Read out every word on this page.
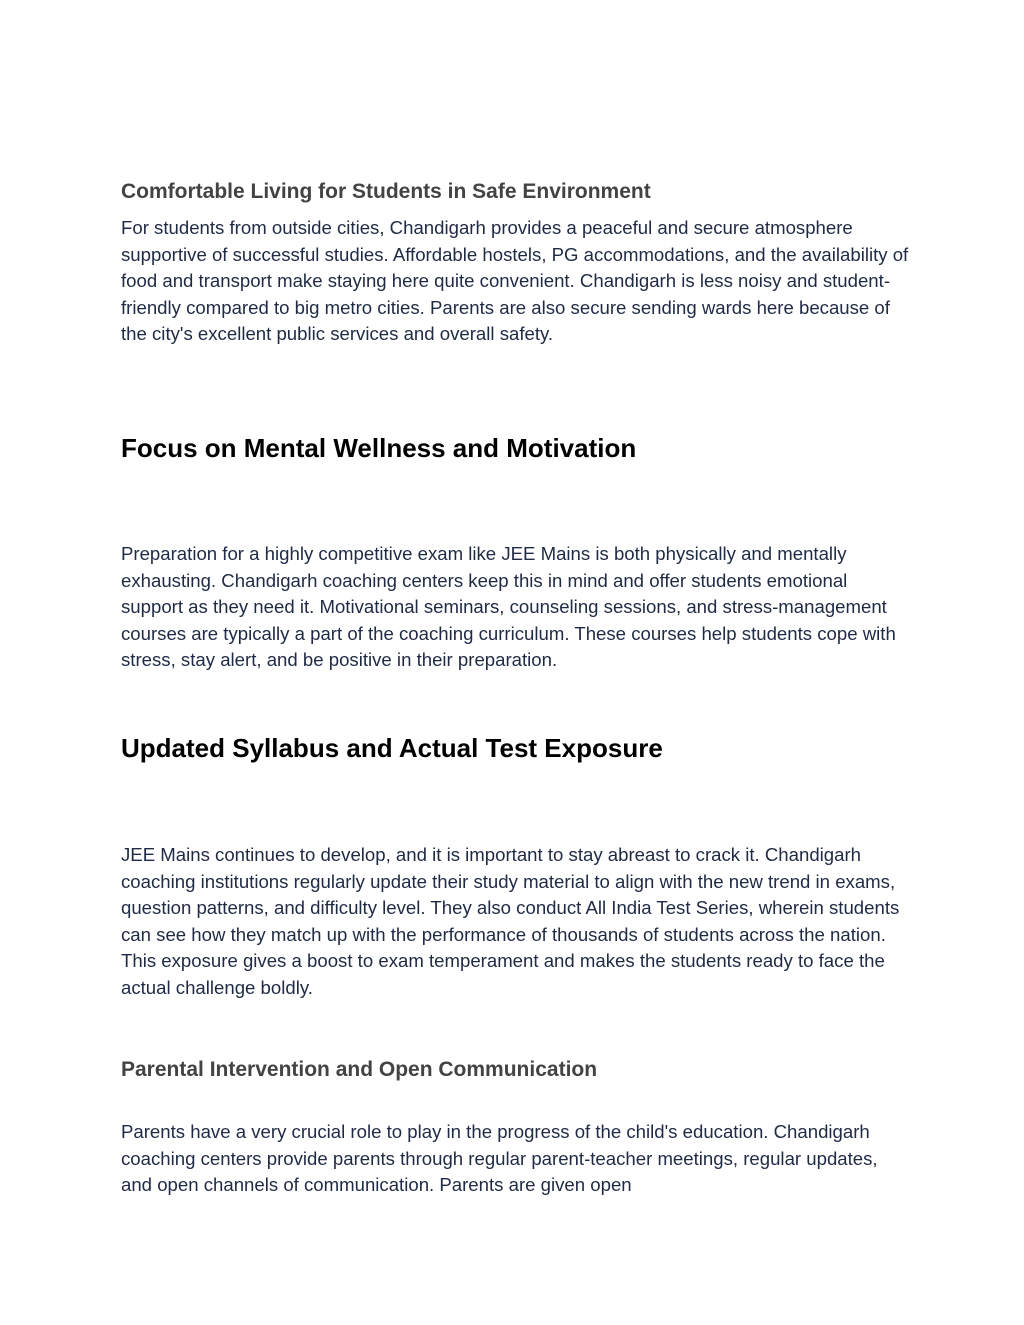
Comfortable Living for Students in Safe Environment

For students from outside cities, Chandigarh provides a peaceful and secure atmosphere supportive of successful studies. Affordable hostels, PG accommodations, and the availability of food and transport make staying here quite convenient. Chandigarh is less noisy and student-friendly compared to big metro cities. Parents are also secure sending wards here because of the city's excellent public services and overall safety.

Focus on Mental Wellness and Motivation

Preparation for a highly competitive exam like JEE Mains is both physically and mentally exhausting. Chandigarh coaching centers keep this in mind and offer students emotional support as they need it. Motivational seminars, counseling sessions, and stress-management courses are typically a part of the coaching curriculum. These courses help students cope with stress, stay alert, and be positive in their preparation.

Updated Syllabus and Actual Test Exposure

JEE Mains continues to develop, and it is important to stay abreast to crack it. Chandigarh coaching institutions regularly update their study material to align with the new trend in exams, question patterns, and difficulty level. They also conduct All India Test Series, wherein students can see how they match up with the performance of thousands of students across the nation. This exposure gives a boost to exam temperament and makes the students ready to face the actual challenge boldly.

Parental Intervention and Open Communication

Parents have a very crucial role to play in the progress of the child's education. Chandigarh coaching centers provide parents through regular parent-teacher meetings, regular updates, and open channels of communication. Parents are given open
